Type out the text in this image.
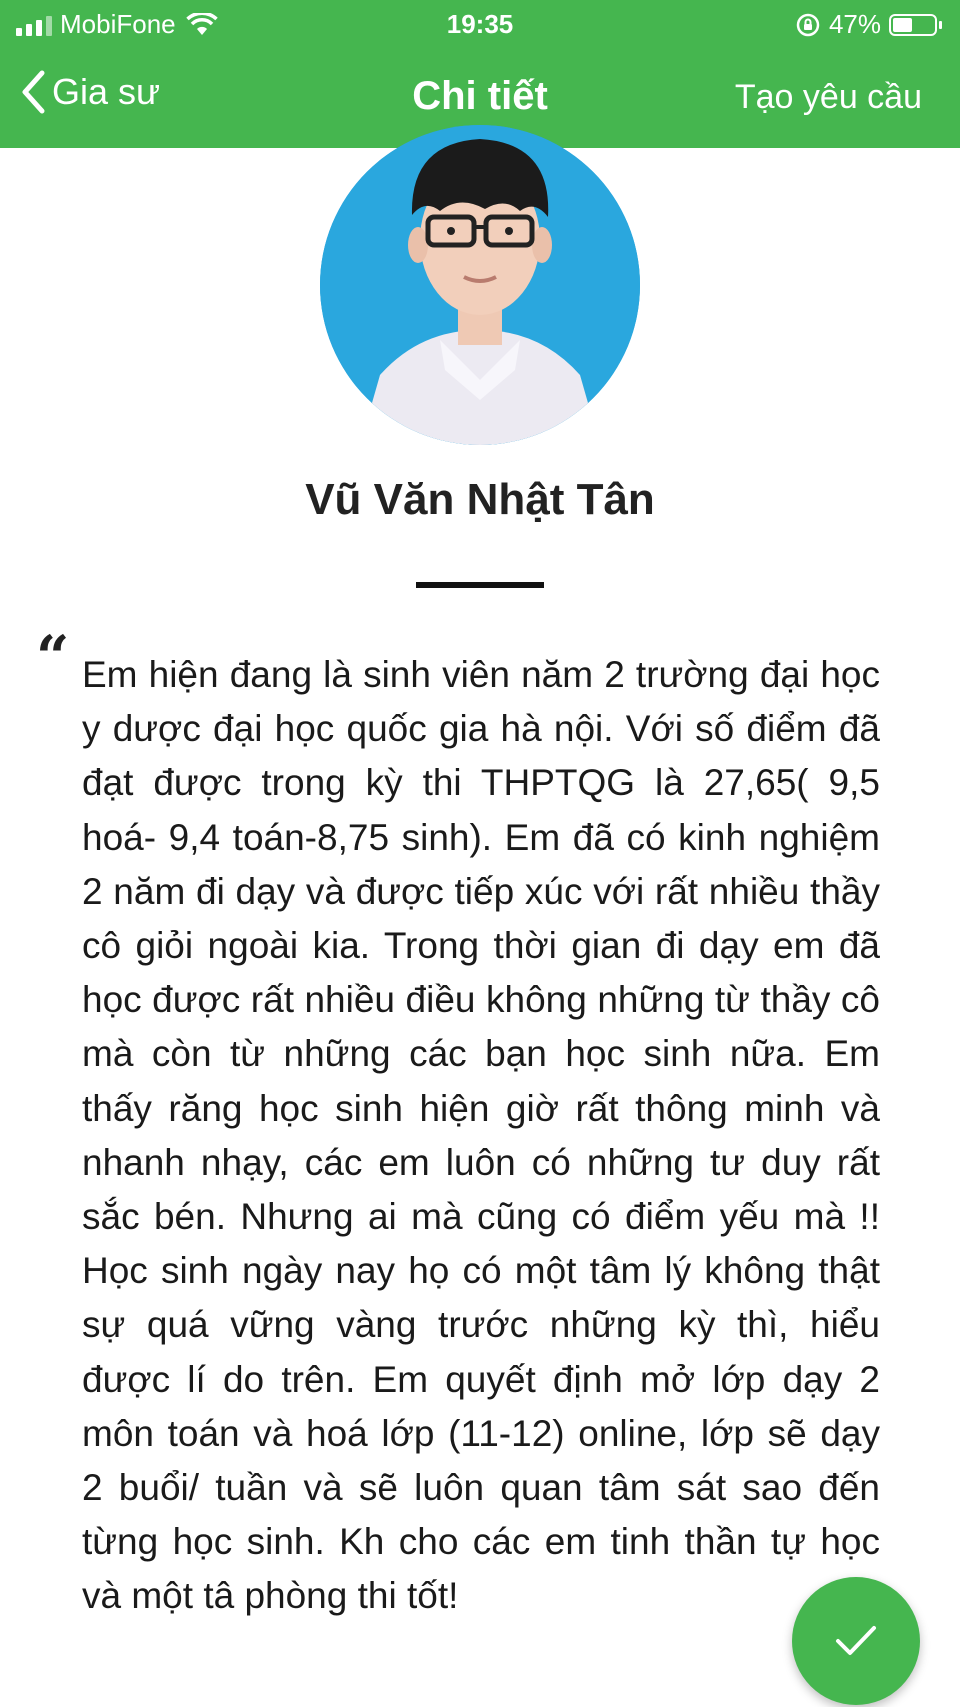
MobiFone	19:35	47%
Gia sư	Chi tiết	Tạo yêu cầu
Vũ Văn Nhật Tân
“ Em hiện đang là sinh viên năm 2 trường đại học y dược đại học quốc gia hà nội. Với số điểm đã đạt được trong kỳ thi THPTQG là 27,65( 9,5 hoá- 9,4 toán-8,75 sinh). Em đã có kinh nghiệm 2 năm đi dạy và được tiếp xúc với rất nhiều thầy cô giỏi ngoài kia. Trong thời gian đi dạy em đã học được rất nhiều điều không những từ thầy cô mà còn từ những các bạn học sinh nữa. Em thấy răng học sinh hiện giờ rất thông minh và nhanh nhạy, các em luôn có những tư duy rất sắc bén. Nhưng ai mà cũng có điểm yếu mà !! Học sinh ngày nay họ có một tâm lý không thật sự quá vững vàng trước những kỳ thì, hiểu được lí do trên. Em quyết định mở lớp dạy 2 môn toán và hoá lớp (11-12) online, lớp sẽ dạy 2 buổi/ tuần và sẽ luôn quan tâm sát sao đến từng học sinh. Kh cho các em tinh thần tự học và một tâ phòng thi tốt!
